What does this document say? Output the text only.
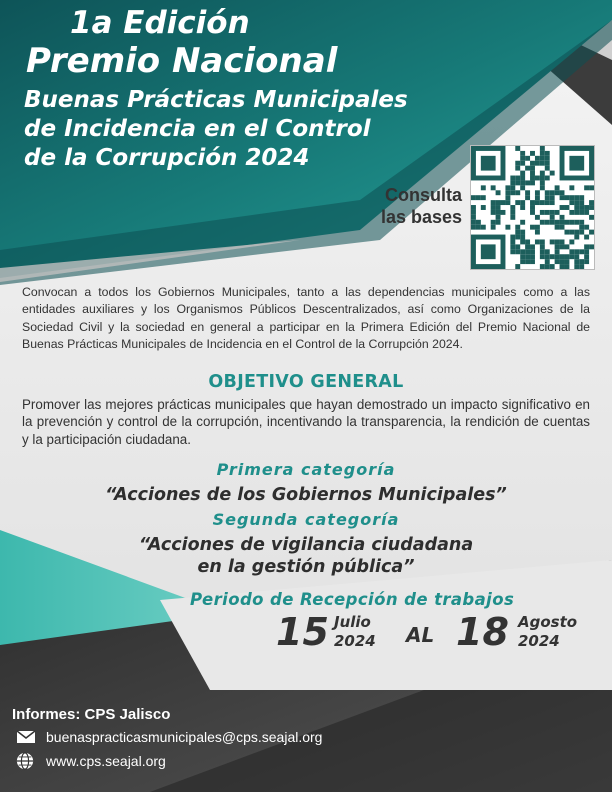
1a Edición
Premio Nacional
Buenas Prácticas Municipales
de Incidencia en el Control
de la Corrupción 2024
Consulta
las bases
Convocan a todos los Gobiernos Municipales, tanto a las dependencias municipales como a las entidades auxiliares y los Organismos Públicos Descentralizados, así como Organizaciones de la Sociedad Civil y la sociedad en general a participar en la Primera Edición del Premio Nacional de Buenas Prácticas Municipales de Incidencia en el Control de la Corrupción 2024.
OBJETIVO GENERAL
Promover las mejores prácticas municipales que hayan demostrado un impacto significativo en la prevención y control de la corrupción, incentivando la transparencia, la rendición de cuentas y la participación ciudadana.
Primera categoría
“Acciones de los Gobiernos Municipales”
Segunda categoría
“Acciones de vigilancia ciudadana
en la gestión pública”
Periodo de Recepción de trabajos
15 Julio
2024 AL 18 Agosto
2024
Informes: CPS Jalisco
buenaspracticasmunicipales@cps.seajal.org
www.cps.seajal.org
